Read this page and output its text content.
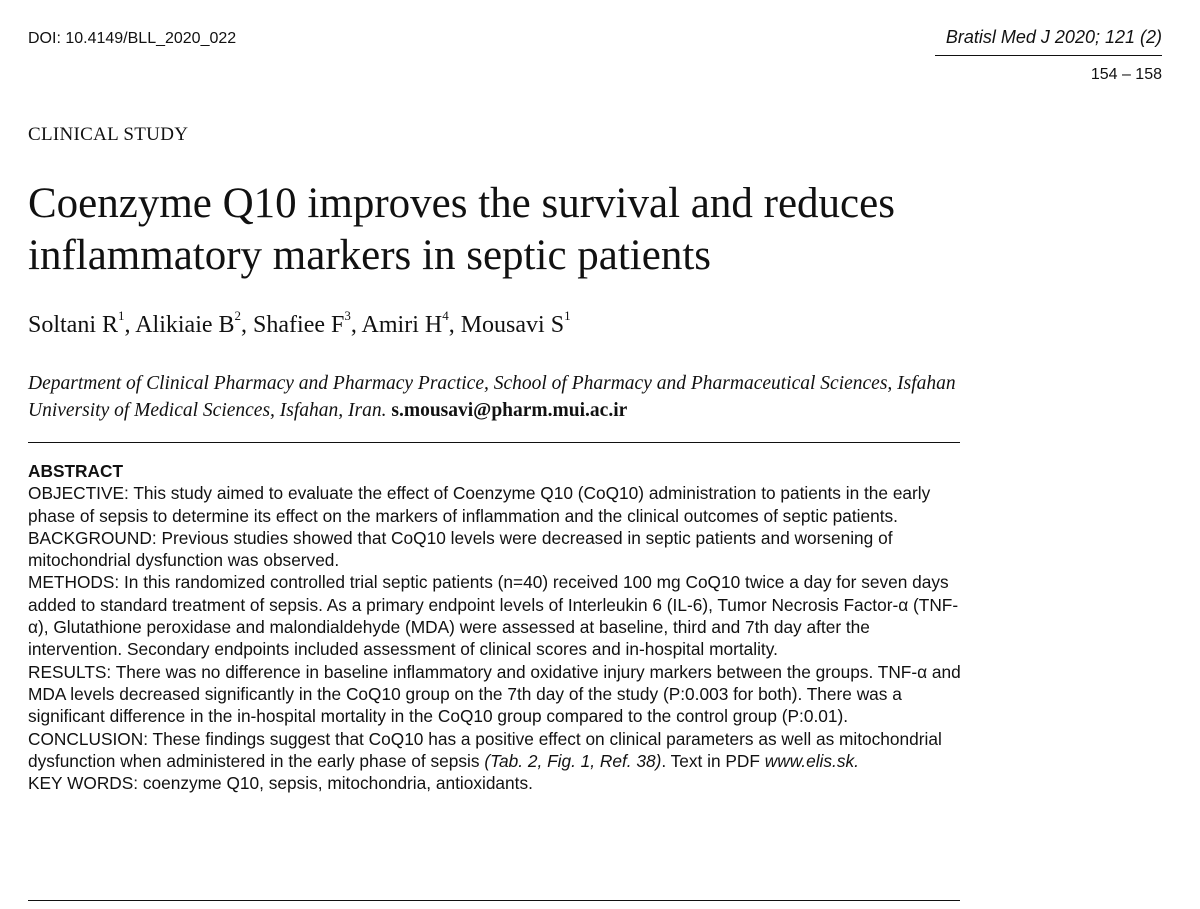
DOI: 10.4149/BLL_2020_022	Bratisl Med J 2020; 121 (2)
154 – 158
CLINICAL STUDY
Coenzyme Q10 improves the survival and reduces inflammatory markers in septic patients
Soltani $R^1$, Alikiaie $B^2$, Shafiee $F^3$, Amiri $H^4$, Mousavi $S^1$
Department of Clinical Pharmacy and Pharmacy Practice, School of Pharmacy and Pharmaceutical Sciences, Isfahan University of Medical Sciences, Isfahan, Iran. s.mousavi@pharm.mui.ac.ir
ABSTRACT

OBJECTIVE: This study aimed to evaluate the effect of Coenzyme Q10 (CoQ10) administration to patients in the early phase of sepsis to determine its effect on the markers of inflammation and the clinical outcomes of septic patients.

BACKGROUND: Previous studies showed that CoQ10 levels were decreased in septic patients and worsening of mitochondrial dysfunction was observed.

METHODS: In this randomized controlled trial septic patients (n=40) received 100 mg CoQ10 twice a day for seven days added to standard treatment of sepsis. As a primary endpoint levels of Interleukin 6 (IL-6), Tumor Necrosis Factor-α (TNF-α), Glutathione peroxidase and malondialdehyde (MDA) were assessed at baseline, third and 7th day after the intervention. Secondary endpoints included assessment of clinical scores and in-hospital mortality.

RESULTS: There was no difference in baseline inflammatory and oxidative injury markers between the groups. TNF-α and MDA levels decreased significantly in the CoQ10 group on the 7th day of the study (P:0.003 for both). There was a significant difference in the in-hospital mortality in the CoQ10 group compared to the control group (P:0.01).

CONCLUSION: These findings suggest that CoQ10 has a positive effect on clinical parameters as well as mitochondrial dysfunction when administered in the early phase of sepsis (Tab. 2, Fig. 1, Ref. 38). Text in PDF www.elis.sk.

KEY WORDS: coenzyme Q10, sepsis, mitochondria, antioxidants.
